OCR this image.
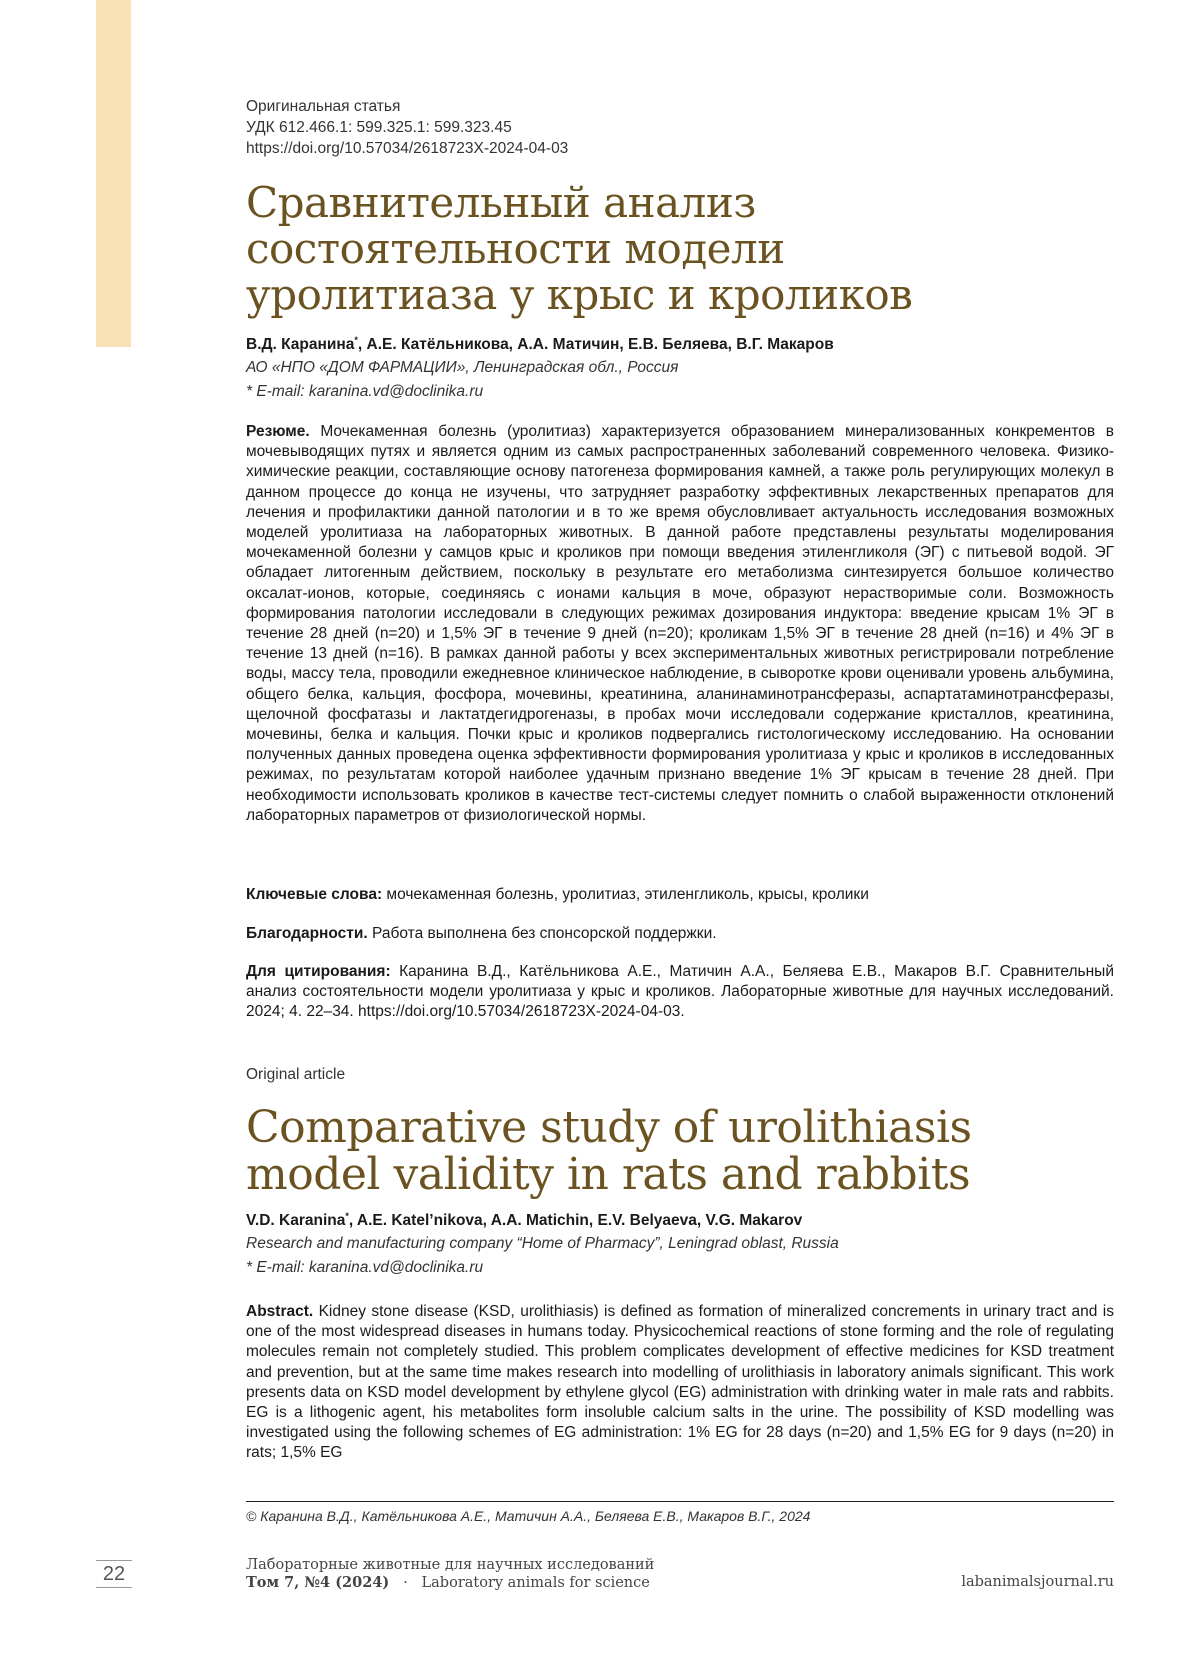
Оригинальная статья
УДК 612.466.1: 599.325.1: 599.323.45
https://doi.org/10.57034/2618723X-2024-04-03
Сравнительный анализ
состоятельности модели
уролитиаза у крыс и кроликов
В.Д. Каранина*, А.Е. Катёльникова, А.А. Матичин, Е.В. Беляева, В.Г. Макаров
АО «НПО «ДОМ ФАРМАЦИИ», Ленинградская обл., Россия
* E-mail: karanina.vd@doclinika.ru

Резюме. Мочекаменная болезнь (уролитиаз) характеризуется образованием минерализованных конкрементов в мочевыводящих путях и является одним из самых распространенных заболеваний современного человека. Физико-химические реакции, составляющие основу патогенеза формирования камней, а также роль регулирующих молекул в данном процессе до конца не изучены, что затрудняет разработку эффективных лекарственных препаратов для лечения и профилактики данной патологии и в то же время обусловливает актуальность исследования возможных моделей уролитиаза на лабораторных животных. В данной работе представлены результаты моделирования мочекаменной болезни у самцов крыс и кроликов при помощи введения этиленгликоля (ЭГ) с питьевой водой. ЭГ обладает литогенным действием, поскольку в результате его метаболизма синтезируется большое количество оксалат-ионов, которые, соединяясь с ионами кальция в моче, образуют нерастворимые соли. Возможность формирования патологии исследовали в следующих режимах дозирования индуктора: введение крысам 1% ЭГ в течение 28 дней (n=20) и 1,5% ЭГ в течение 9 дней (n=20); кроликам 1,5% ЭГ в течение 28 дней (n=16) и 4% ЭГ в течение 13 дней (n=16). В рамках данной работы у всех экспериментальных животных регистрировали потребление воды, массу тела, проводили ежедневное клиническое наблюдение, в сыворотке крови оценивали уровень альбумина, общего белка, кальция, фосфора, мочевины, креатинина, аланинаминотрансферазы, аспартатаминотрансферазы, щелочной фосфатазы и лактатдегидрогеназы, в пробах мочи исследовали содержание кристаллов, креатинина, мочевины, белка и кальция. Почки крыс и кроликов подвергались гистологическому исследованию. На основании полученных данных проведена оценка эффективности формирования уролитиаза у крыс и кроликов в исследованных режимах, по результатам которой наиболее удачным признано введение 1% ЭГ крысам в течение 28 дней. При необходимости использовать кроликов в качестве тест-системы следует помнить о слабой выраженности отклонений лабораторных параметров от физиологической нормы.

Ключевые слова: мочекаменная болезнь, уролитиаз, этиленгликоль, крысы, кролики

Благодарности. Работа выполнена без спонсорской поддержки.

Для цитирования: Каранина В.Д., Катёльникова А.Е., Матичин А.А., Беляева Е.В., Макаров В.Г. Сравнительный анализ состоятельности модели уролитиаза у крыс и кроликов. Лабораторные животные для научных исследований. 2024; 4. 22–34. https://doi.org/10.57034/2618723X-2024-04-03.

Original article
Comparative study of urolithiasis
model validity in rats and rabbits
V.D. Karanina*, A.E. Katel’nikova, A.A. Matichin, E.V. Belyaeva, V.G. Makarov
Research and manufacturing company “Home of Pharmacy”, Leningrad oblast, Russia
* E-mail: karanina.vd@doclinika.ru

Abstract. Kidney stone disease (KSD, urolithiasis) is defined as formation of mineralized concrements in urinary tract and is one of the most widespread diseases in humans today. Physicochemical reactions of stone forming and the role of regulating molecules remain not completely studied. This problem complicates development of effective medicines for KSD treatment and prevention, but at the same time makes research into modelling of urolithiasis in laboratory animals significant. This work presents data on KSD model development by ethylene glycol (EG) administration with drinking water in male rats and rabbits. EG is a lithogenic agent, his metabolites form insoluble calcium salts in the urine. The possibility of KSD modelling was investigated using the following schemes of EG administration: 1% EG for 28 days (n=20) and 1,5% EG for 9 days (n=20) in rats; 1,5% EG

© Каранина В.Д., Катёльникова А.Е., Матичин А.А., Беляева Е.В., Макаров В.Г., 2024
22	Лабораторные животные для научных исследований
Том 7, №4 (2024) · Laboratory animals for science	labanimalsjournal.ru
